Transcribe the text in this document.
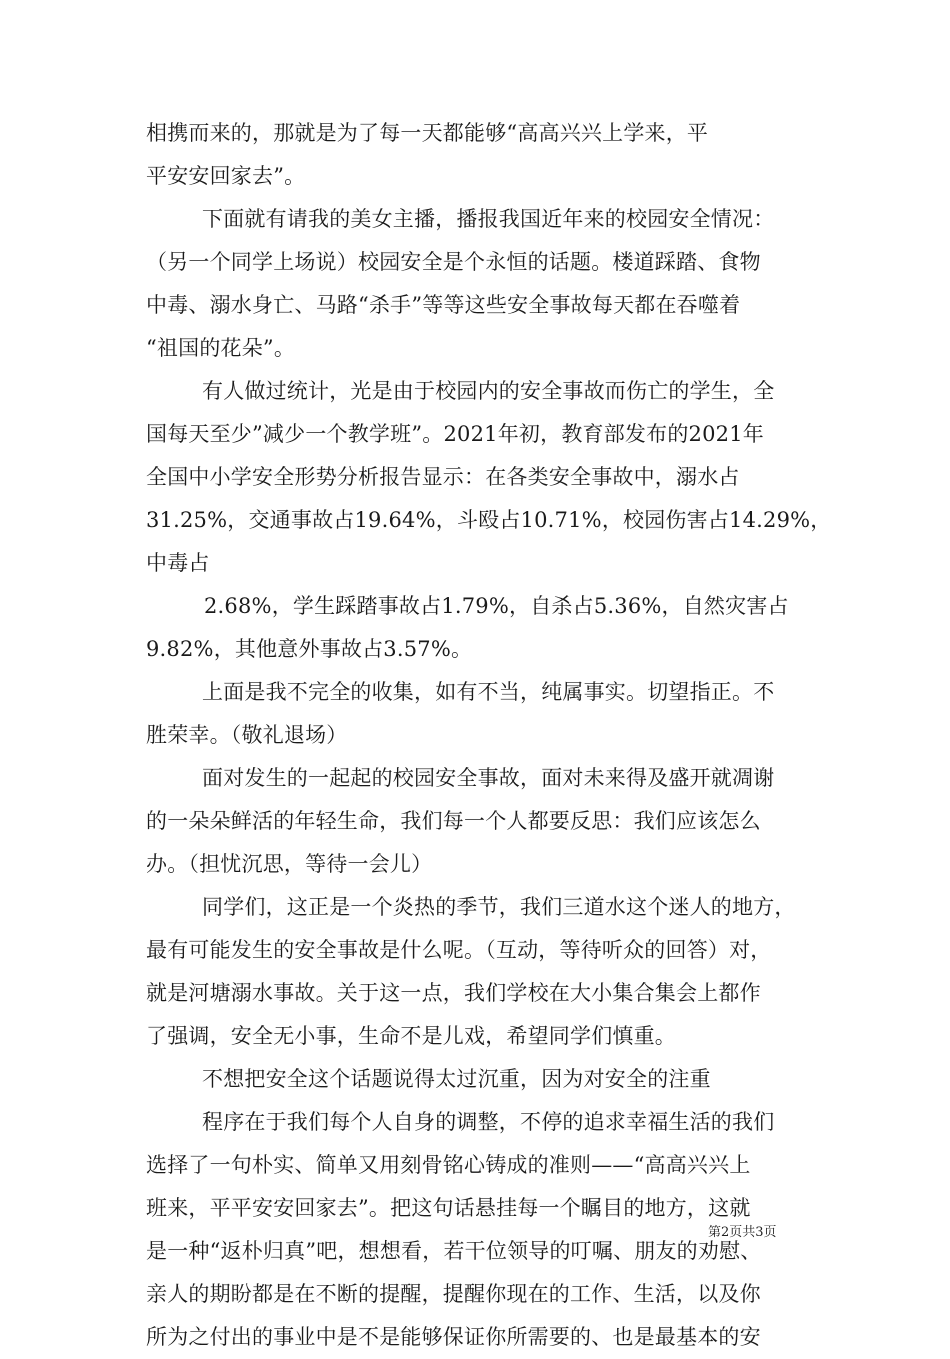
相携而来的，那就是为了每一天都能够“高高兴兴上学来，平
平安安回家去”。
下面就有请我的美女主播，播报我国近年来的校园安全情况：
（另一个同学上场说）校园安全是个永恒的话题。楼道踩踏、食物
中毒、溺水身亡、马路“杀手”等等这些安全事故每天都在吞噬着
“祖国的花朵”。
有人做过统计，光是由于校园内的安全事故而伤亡的学生，全
国每天至少”减少一个教学班”。2021年初，教育部发布的2021年
全国中小学安全形势分析报告显示：在各类安全事故中，溺水占
31.25%，交通事故占19.64%，斗殴占10.71%，校园伤害占14.29%，
中毒占
2.68%，学生踩踏事故占1.79%，自杀占5.36%，自然灾害占
9.82%，其他意外事故占3.57%。
上面是我不完全的收集，如有不当，纯属事实。切望指正。不
胜荣幸。（敬礼退场）
面对发生的一起起的校园安全事故，面对未来得及盛开就凋谢
的一朵朵鲜活的年轻生命，我们每一个人都要反思：我们应该怎么
办。（担忧沉思，等待一会儿）
同学们，这正是一个炎热的季节，我们三道水这个迷人的地方，
最有可能发生的安全事故是什么呢。（互动，等待听众的回答）对，
就是河塘溺水事故。关于这一点，我们学校在大小集合集会上都作
了强调，安全无小事，生命不是儿戏，希望同学们慎重。
不想把安全这个话题说得太过沉重，因为对安全的注重
程序在于我们每个人自身的调整，不停的追求幸福生活的我们
选择了一句朴实、简单又用刻骨铭心铸成的准则——“高高兴兴上
班来，平平安安回家去”。把这句话悬挂每一个瞩目的地方，这就
是一种“返朴归真”吧，想想看，若干位领导的叮嘱、朋友的劝慰、
亲人的期盼都是在不断的提醒，提醒你现在的工作、生活，以及你
所为之付出的事业中是不是能够保证你所需要的、也是最基本的安
第2页共3页
